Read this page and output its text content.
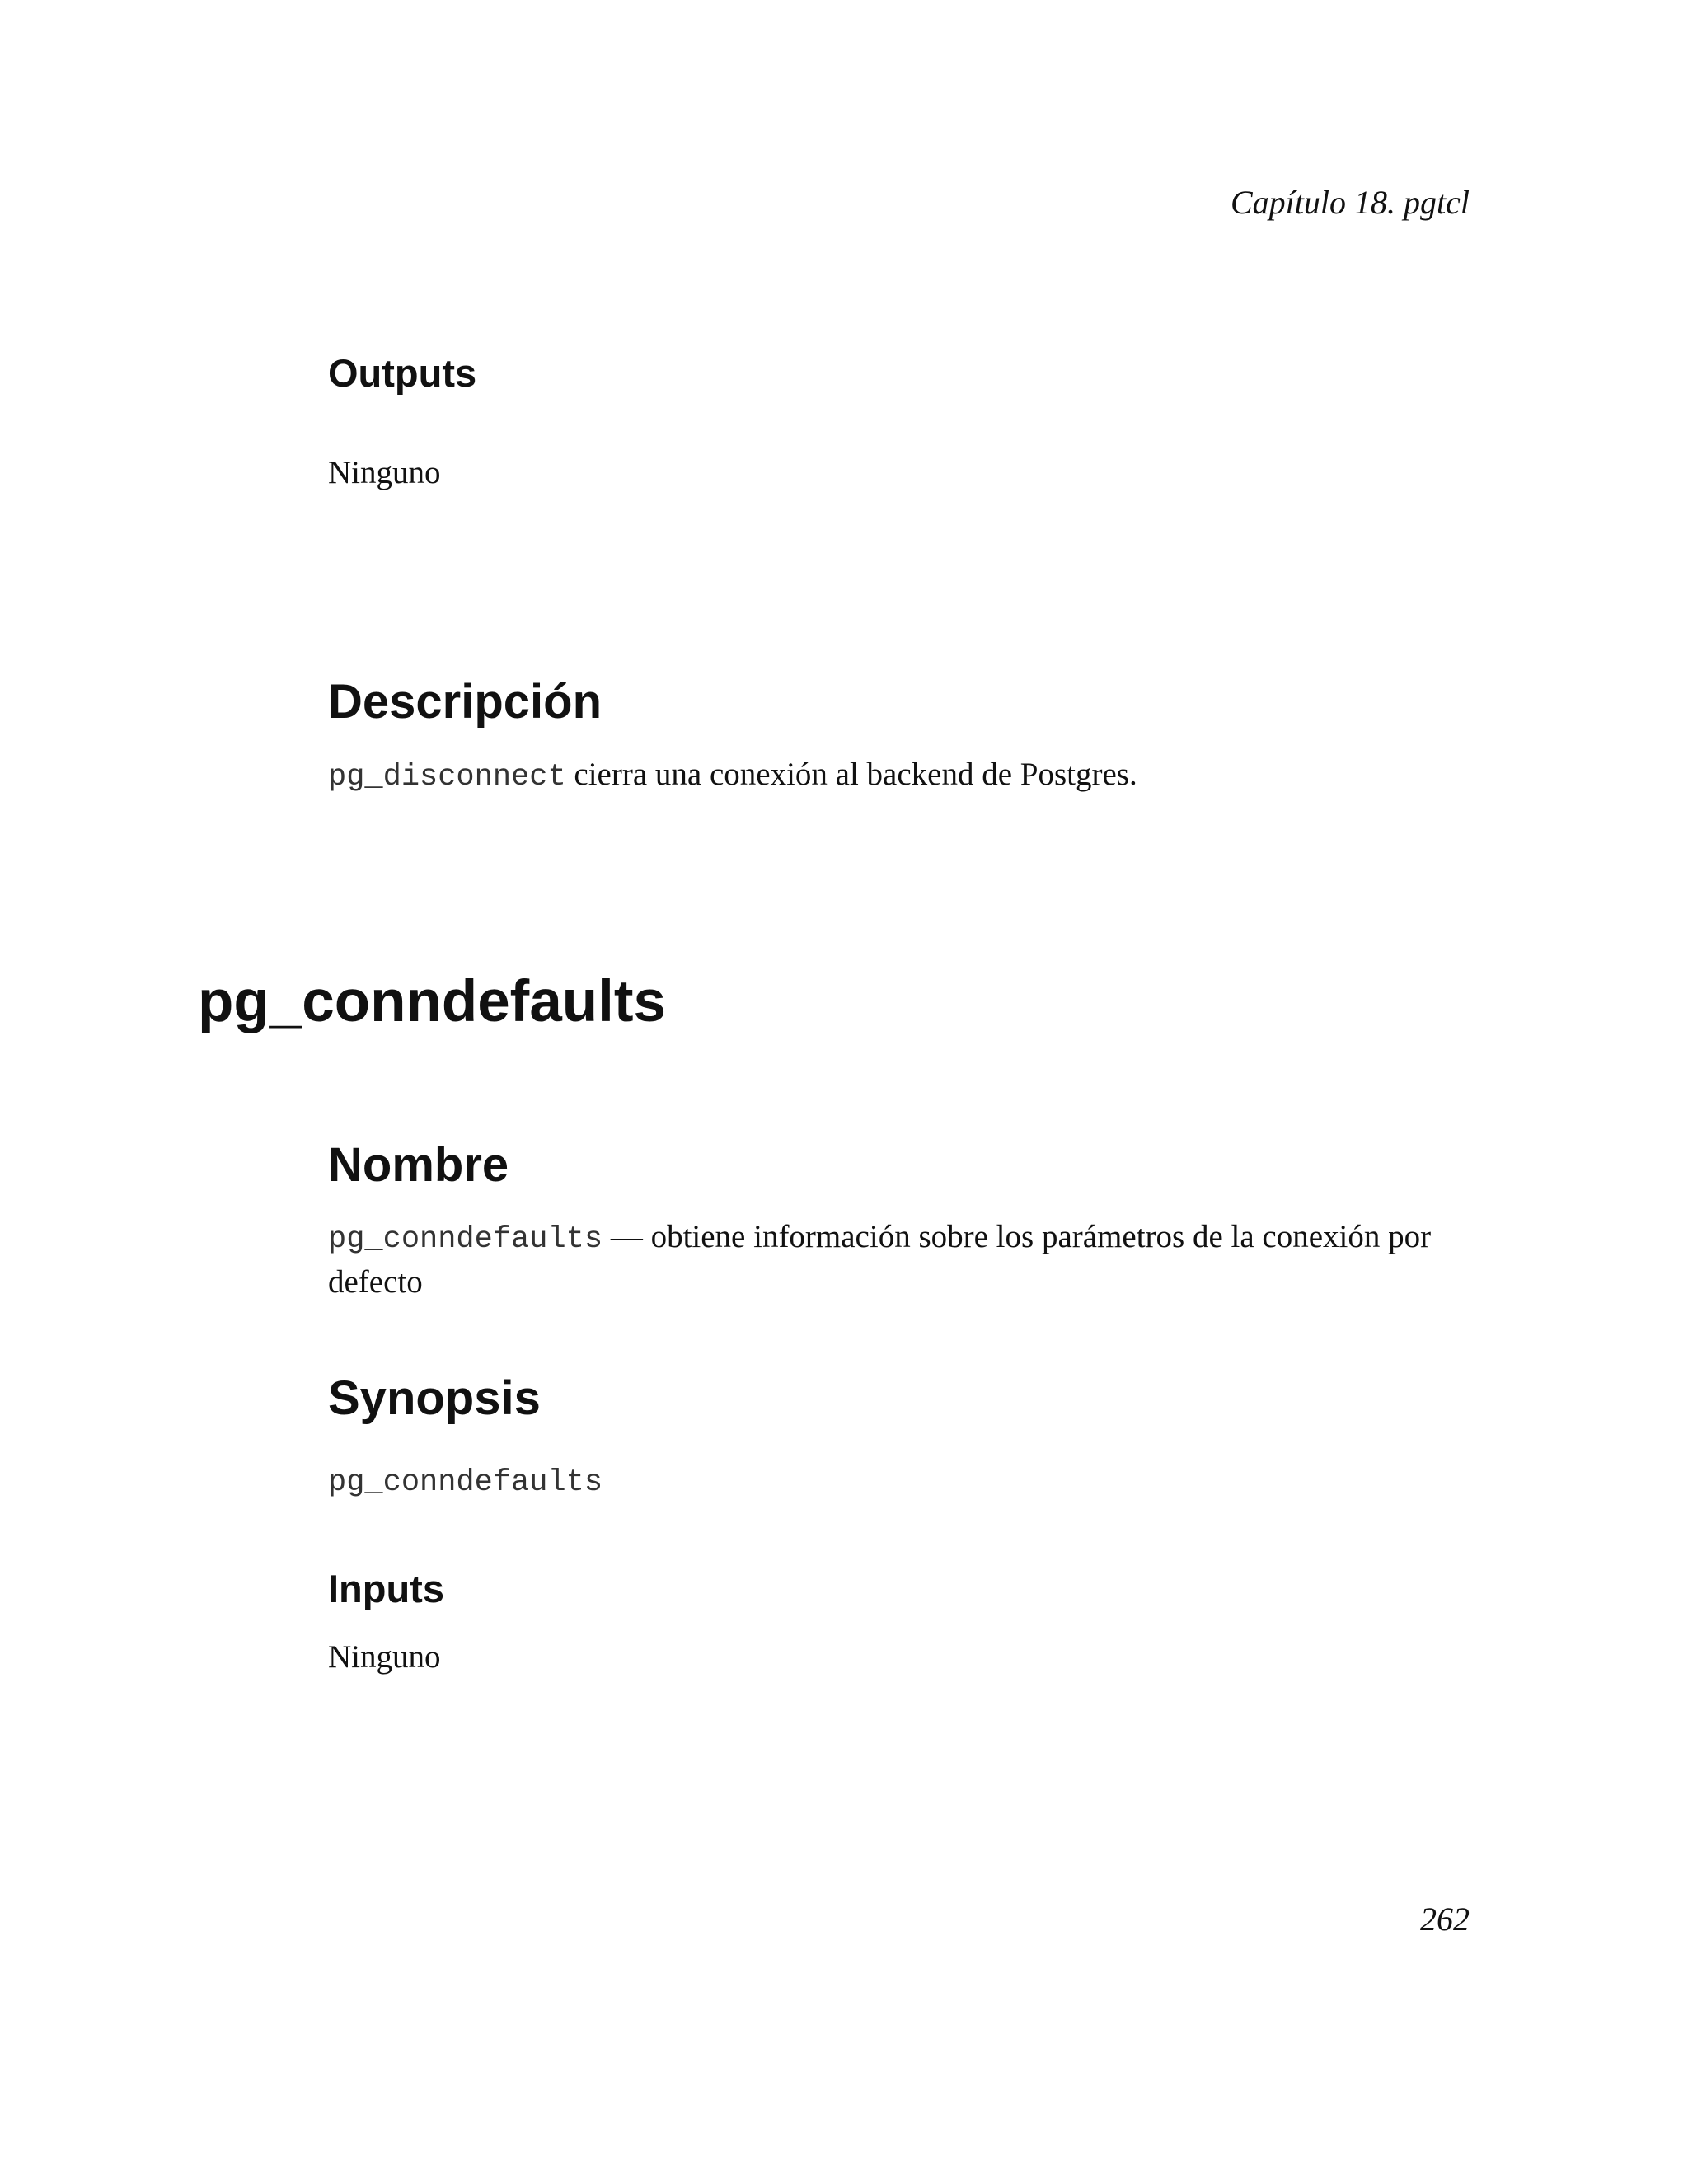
Capítulo 18. pgtcl
Outputs

Ninguno

Descripción

pg_disconnect cierra una conexión al backend de Postgres.

pg_conndefaults
Nombre

pg_conndefaults — obtiene información sobre los parámetros de la conexión por defecto

Synopsis

pg_conndefaults

Inputs

Ninguno

262
